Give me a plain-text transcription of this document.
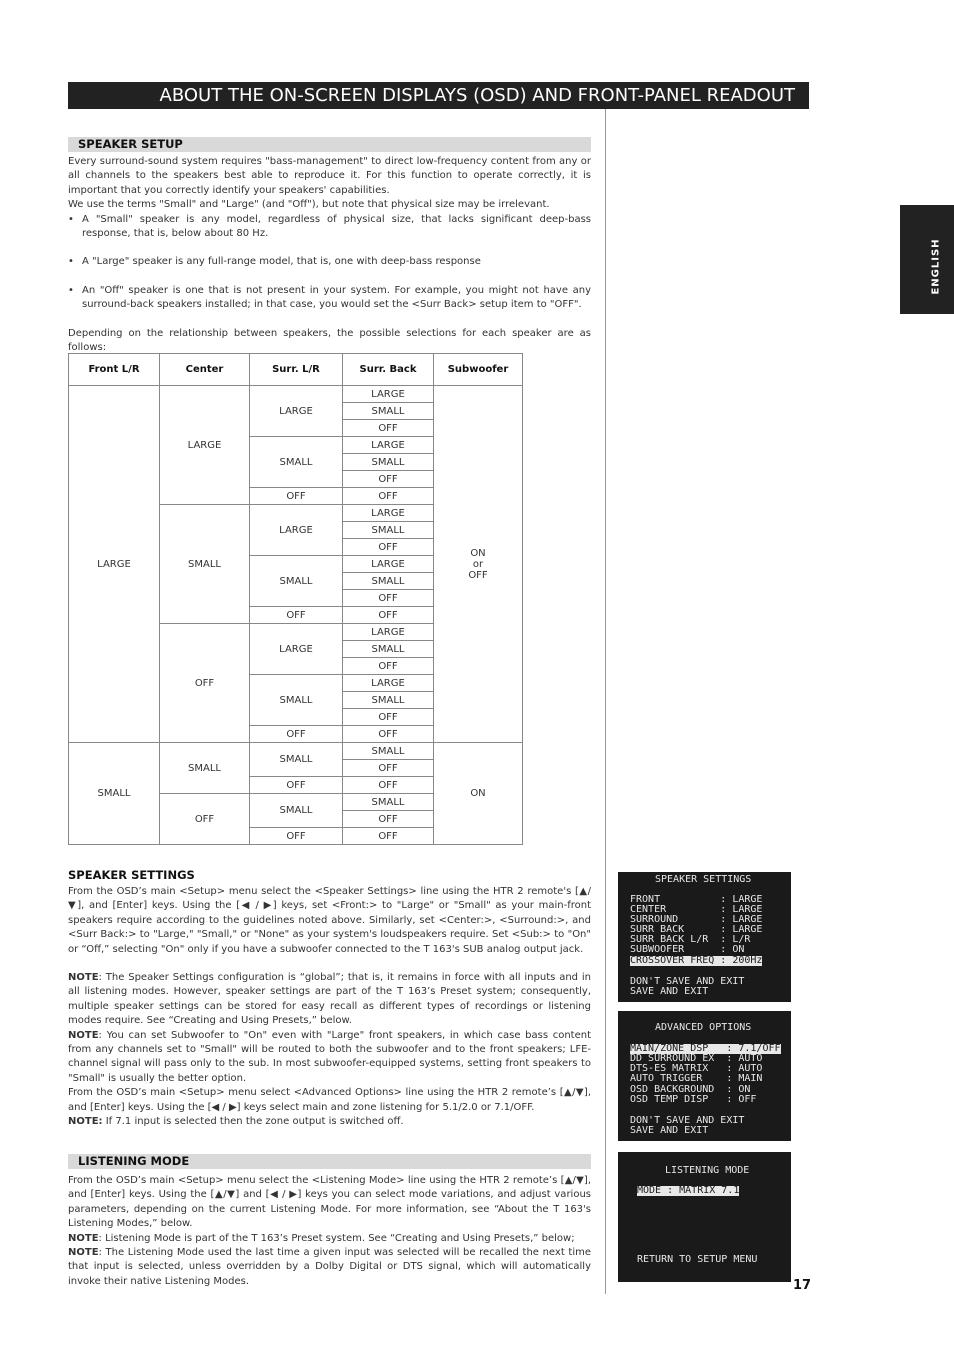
ABOUT THE ON-SCREEN DISPLAYS (OSD) AND FRONT-PANEL READOUT
ENGLISH
SPEAKER SETUP

Every surround-sound system requires "bass-management" to direct low-frequency content from any or all channels to the speakers best able to reproduce it. For this function to operate correctly, it is important that you correctly identify your speakers' capabilities.

We use the terms "Small" and "Large" (and "Off"), but note that physical size may be irrelevant.

• A "Small" speaker is any model, regardless of physical size, that lacks significant deep-bass response, that is, below about 80 Hz.
• A "Large" speaker is any full-range model, that is, one with deep-bass response
• An "Off" speaker is one that is not present in your system. For example, you might not have any surround-back speakers installed; in that case, you would set the <Surr Back> setup item to "OFF".

Depending on the relationship between speakers, the possible selections for each speaker are as follows:

Front L/R	Center	Surr. L/R	Surr. Back	Subwoofer
LARGE	LARGE	LARGE	LARGE	ON
or
OFF

			SMALL	
			OFF	
		SMALL	LARGE	
			SMALL	
			OFF	
		OFF	OFF	
	SMALL	LARGE	LARGE	
			SMALL	
			OFF	
		SMALL	LARGE	
			SMALL	
			OFF	
		OFF	OFF	
	OFF	LARGE	LARGE	
			SMALL	
			OFF	
		SMALL	LARGE	
			SMALL	
			OFF	
		OFF	OFF	
SMALL	SMALL	SMALL	SMALL	ON
			OFF	
		OFF	OFF	
	OFF	SMALL	SMALL	
			OFF	
		OFF	OFF	
SPEAKER SETTINGS

From the OSD’s main <Setup> menu select the <Speaker Settings> line using the HTR 2 remote's [▲/▼], and [Enter] keys. Using the [◀ / ▶] keys, set <Front:> to "Large" or "Small" as your main-front speakers require according to the guidelines noted above. Similarly, set <Center:>, <Surround:>, and <Surr Back:> to "Large," "Small," or "None" as your system's loudspeakers require. Set <Sub:> to "On" or “Off,” selecting "On" only if you have a subwoofer connected to the T 163's SUB analog output jack.

NOTE: The Speaker Settings configuration is “global”; that is, it remains in force with all inputs and in all listening modes. However, speaker settings are part of the T 163’s Preset system; consequently, multiple speaker settings can be stored for easy recall as different types of recordings or listening modes require. See “Creating and Using Presets,” below.

NOTE: You can set Subwoofer to "On" even with "Large" front speakers, in which case bass content from any channels set to "Small" will be routed to both the subwoofer and to the front speakers; LFE-channel signal will pass only to the sub. In most subwoofer-equipped systems, setting front speakers to "Small" is usually the better option.

From the OSD’s main <Setup> menu select <Advanced Options> line using the HTR 2 remote’s [▲/▼], and [Enter] keys. Using the [◀ / ▶] keys select main and zone listening for 5.1/2.0 or 7.1/OFF.

NOTE: If 7.1 input is selected then the zone output is switched off.

LISTENING MODE

From the OSD’s main <Setup> menu select the <Listening Mode> line using the HTR 2 remote’s [▲/▼], and [Enter] keys. Using the [▲/▼] and [◀ / ▶] keys you can select mode variations, and adjust various parameters, depending on the current Listening Mode. For more information, see “About the T 163's Listening Modes,” below.

NOTE: Listening Mode is part of the T 163’s Preset system. See “Creating and Using Presets,” below;

NOTE: The Listening Mode used the last time a given input was selected will be recalled the next time that input is selected, unless overridden by a Dolby Digital or DTS signal, which will automatically invoke their native Listening Modes.

SPEAKER SETTINGS
FRONT          : LARGE
CENTER         : LARGE
SURROUND       : LARGE
SURR BACK      : LARGE
SURR BACK L/R  : L/R
SUBWOOFER      : ON
CROSSOVER FREQ : 200Hz
DON'T SAVE AND EXIT
SAVE AND EXIT
ADVANCED OPTIONS
MAIN/ZONE DSP   : 7.1/OFF
DD SURROUND EX  : AUTO
DTS-ES MATRIX   : AUTO
AUTO TRIGGER    : MAIN
OSD BACKGROUND  : ON
OSD TEMP DISP   : OFF
DON'T SAVE AND EXIT
SAVE AND EXIT
LISTENING MODE
MODE : MATRIX 7.1
RETURN TO SETUP MENU
17
